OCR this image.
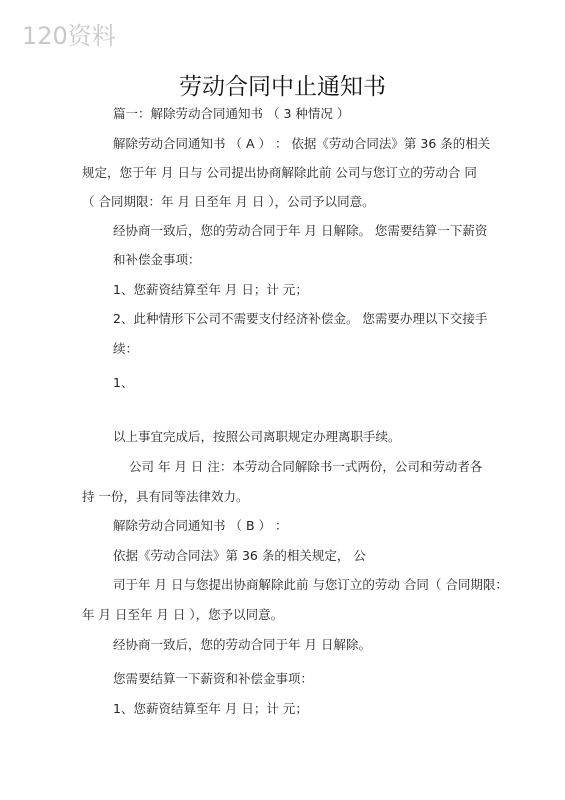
120资料
劳动合同中止通知书
篇一：解除劳动合同通知书 （ 3 种情况 ）
解除劳动合同通知书 （ A ） ： 依据《劳动合同法》第 36 条的相关
规定，您于年 月 日与 公司提出协商解除此前 公司与您订立的劳动合 同
（ 合同期限：年 月 日至年 月 日 ），公司予以同意。
经协商一致后，您的劳动合同于年 月 日解除。 您需要结算一下薪资
和补偿金事项：
1、您薪资结算至年 月 日；计 元；
2、此种情形下公司不需要支付经济补偿金。 您需要办理以下交接手
续：
1、
以上事宜完成后，按照公司离职规定办理离职手续。
公司 年 月 日 注：本劳动合同解除书一式两份，公司和劳动者各
持 一份，具有同等法律效力。
解除劳动合同通知书 （ B ） ：
依据《劳动合同法》第 36 条的相关规定， 公
司于年 月 日与您提出协商解除此前 与您订立的劳动 合同（ 合同期限：
年 月 日至年 月 日 ），您予以同意。
经协商一致后，您的劳动合同于年 月 日解除。
您需要结算一下薪资和补偿金事项：
1、您薪资结算至年 月 日；计 元；
